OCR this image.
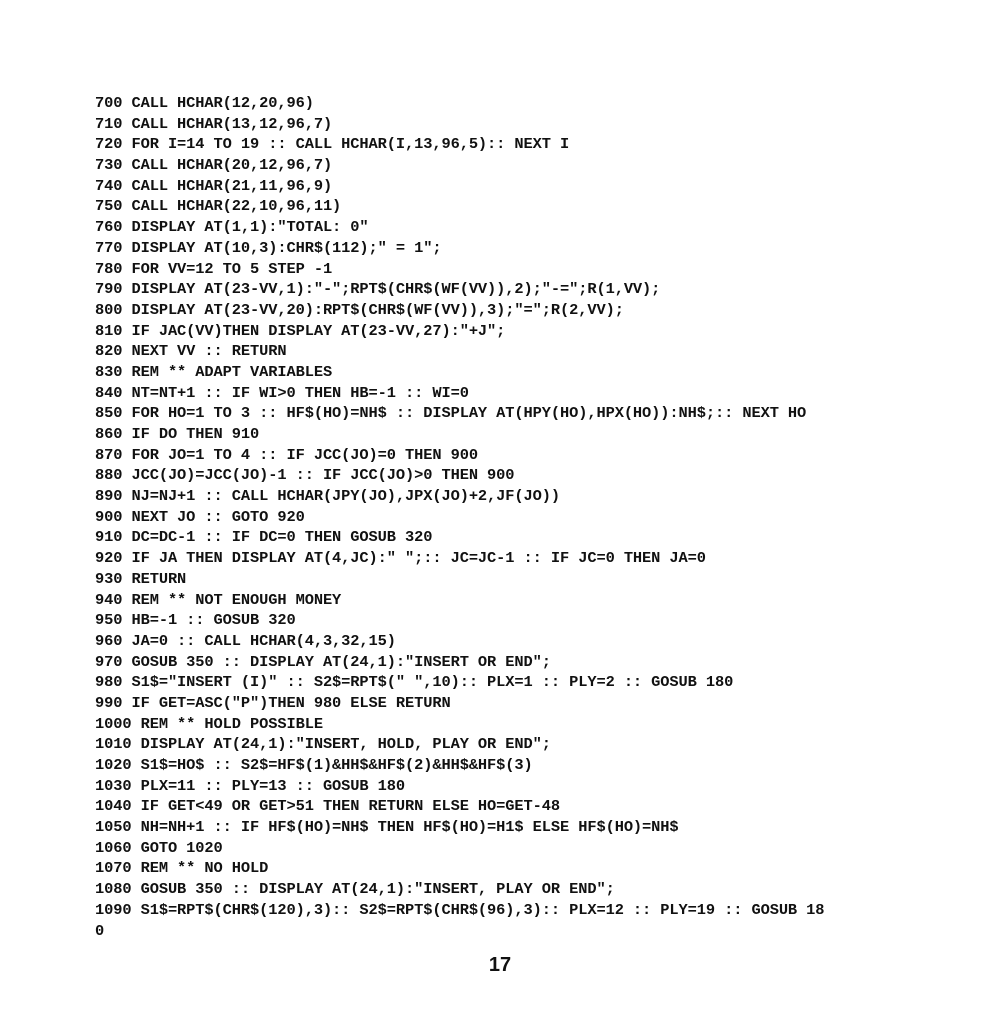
700 CALL HCHAR(12,20,96)
710 CALL HCHAR(13,12,96,7)
720 FOR I=14 TO 19 :: CALL HCHAR(I,13,96,5):: NEXT I
730 CALL HCHAR(20,12,96,7)
740 CALL HCHAR(21,11,96,9)
750 CALL HCHAR(22,10,96,11)
760 DISPLAY AT(1,1):"TOTAL: 0"
770 DISPLAY AT(10,3):CHR$(112);" = 1";
780 FOR VV=12 TO 5 STEP -1
790 DISPLAY AT(23-VV,1):"-";RPT$(CHR$(WF(VV)),2);"-=";R(1,VV);
800 DISPLAY AT(23-VV,20):RPT$(CHR$(WF(VV)),3);"=";R(2,VV);
810 IF JAC(VV)THEN DISPLAY AT(23-VV,27):"+J";
820 NEXT VV :: RETURN
830 REM ** ADAPT VARIABLES
840 NT=NT+1 :: IF WI>0 THEN HB=-1 :: WI=0
850 FOR HO=1 TO 3 :: HF$(HO)=NH$ :: DISPLAY AT(HPY(HO),HPX(HO)):NH$;:: NEXT HO
860 IF DO THEN 910
870 FOR JO=1 TO 4 :: IF JCC(JO)=0 THEN 900
880 JCC(JO)=JCC(JO)-1 :: IF JCC(JO)>0 THEN 900
890 NJ=NJ+1 :: CALL HCHAR(JPY(JO),JPX(JO)+2,JF(JO))
900 NEXT JO :: GOTO 920
910 DC=DC-1 :: IF DC=0 THEN GOSUB 320
920 IF JA THEN DISPLAY AT(4,JC):" ";:: JC=JC-1 :: IF JC=0 THEN JA=0
930 RETURN
940 REM ** NOT ENOUGH MONEY
950 HB=-1 :: GOSUB 320
960 JA=0 :: CALL HCHAR(4,3,32,15)
970 GOSUB 350 :: DISPLAY AT(24,1):"INSERT OR END";
980 S1$="INSERT (I)" :: S2$=RPT$(" ",10):: PLX=1 :: PLY=2 :: GOSUB 180
990 IF GET=ASC("P")THEN 980 ELSE RETURN
1000 REM ** HOLD POSSIBLE
1010 DISPLAY AT(24,1):"INSERT, HOLD, PLAY OR END";
1020 S1$=HO$ :: S2$=HF$(1)&HH$&HF$(2)&HH$&HF$(3)
1030 PLX=11 :: PLY=13 :: GOSUB 180
1040 IF GET<49 OR GET>51 THEN RETURN ELSE HO=GET-48
1050 NH=NH+1 :: IF HF$(HO)=NH$ THEN HF$(HO)=H1$ ELSE HF$(HO)=NH$
1060 GOTO 1020
1070 REM ** NO HOLD
1080 GOSUB 350 :: DISPLAY AT(24,1):"INSERT, PLAY OR END";
1090 S1$=RPT$(CHR$(120),3):: S2$=RPT$(CHR$(96),3):: PLX=12 :: PLY=19 :: GOSUB 18
0
17
